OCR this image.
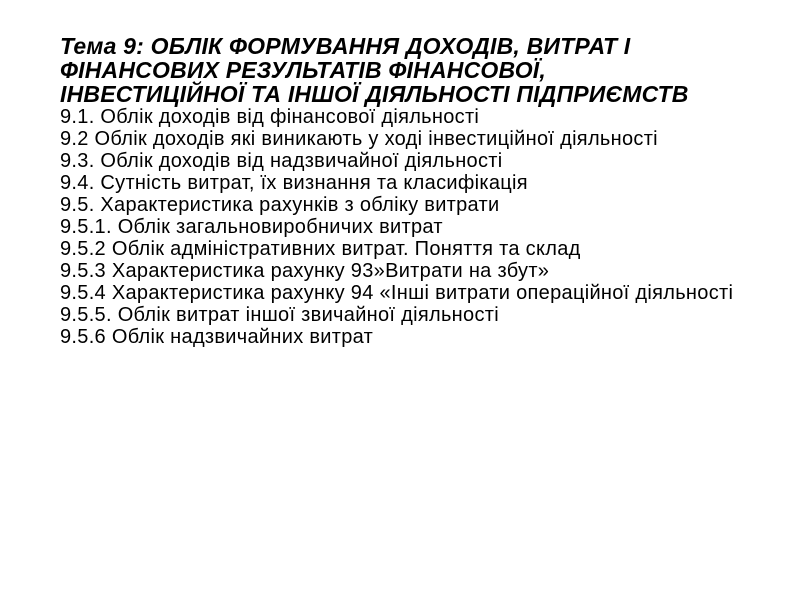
Тема 9: ОБЛІК ФОРМУВАННЯ ДОХОДІВ, ВИТРАТ І ФІНАНСОВИХ РЕЗУЛЬТАТІВ ФІНАНСОВОЇ, ІНВЕСТИЦІЙНОЇ ТА ІНШОЇ ДІЯЛЬНОСТІ ПІДПРИЄМСТВ
9.1. Облік доходів від фінансової діяльності
9.2 Облік доходів які виникають у ході інвестиційної діяльності
9.3. Облік доходів від надзвичайної діяльності
9.4. Сутність витрат, їх визнання та класифікація
9.5. Характеристика рахунків з обліку витрати
9.5.1. Облік загальновиробничих витрат
9.5.2 Облік адміністративних витрат. Поняття та склад
9.5.3 Характеристика рахунку 93»Витрати на збут»
9.5.4 Характеристика рахунку 94 «Інші витрати операційної діяльності
9.5.5. Облік витрат іншої звичайної діяльності
9.5.6 Облік надзвичайних витрат
